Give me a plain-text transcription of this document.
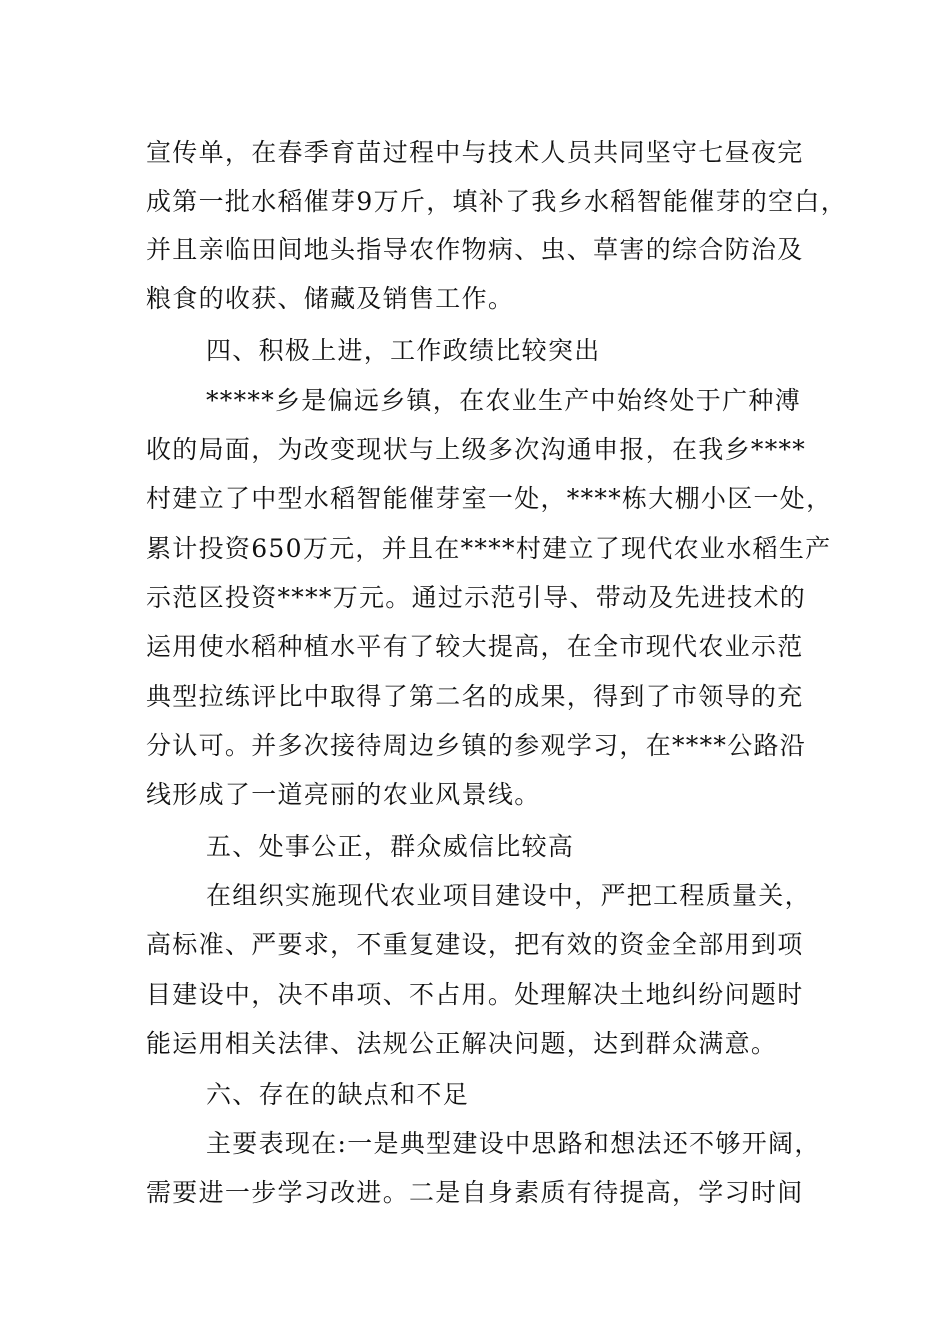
宣传单，在春季育苗过程中与技术人员共同坚守七昼夜完
成第一批水稻催芽9万斤，填补了我乡水稻智能催芽的空白，
并且亲临田间地头指导农作物病、虫、草害的综合防治及
粮食的收获、储藏及销售工作。
四、积极上进，工作政绩比较突出
*****乡是偏远乡镇，在农业生产中始终处于广种溥
收的局面，为改变现状与上级多次沟通申报，在我乡****
村建立了中型水稻智能催芽室一处，****栋大棚小区一处，
累计投资650万元，并且在****村建立了现代农业水稻生产
示范区投资****万元。通过示范引导、带动及先进技术的
运用使水稻种植水平有了较大提高，在全市现代农业示范
典型拉练评比中取得了第二名的成果，得到了市领导的充
分认可。并多次接待周边乡镇的参观学习，在****公路沿
线形成了一道亮丽的农业风景线。
五、处事公正，群众威信比较高
在组织实施现代农业项目建设中，严把工程质量关，
高标准、严要求，不重复建设，把有效的资金全部用到项
目建设中，决不串项、不占用。处理解决土地纠纷问题时
能运用相关法律、法规公正解决问题，达到群众满意。
六、存在的缺点和不足
主要表现在:一是典型建设中思路和想法还不够开阔，
需要进一步学习改进。二是自身素质有待提高，学习时间
